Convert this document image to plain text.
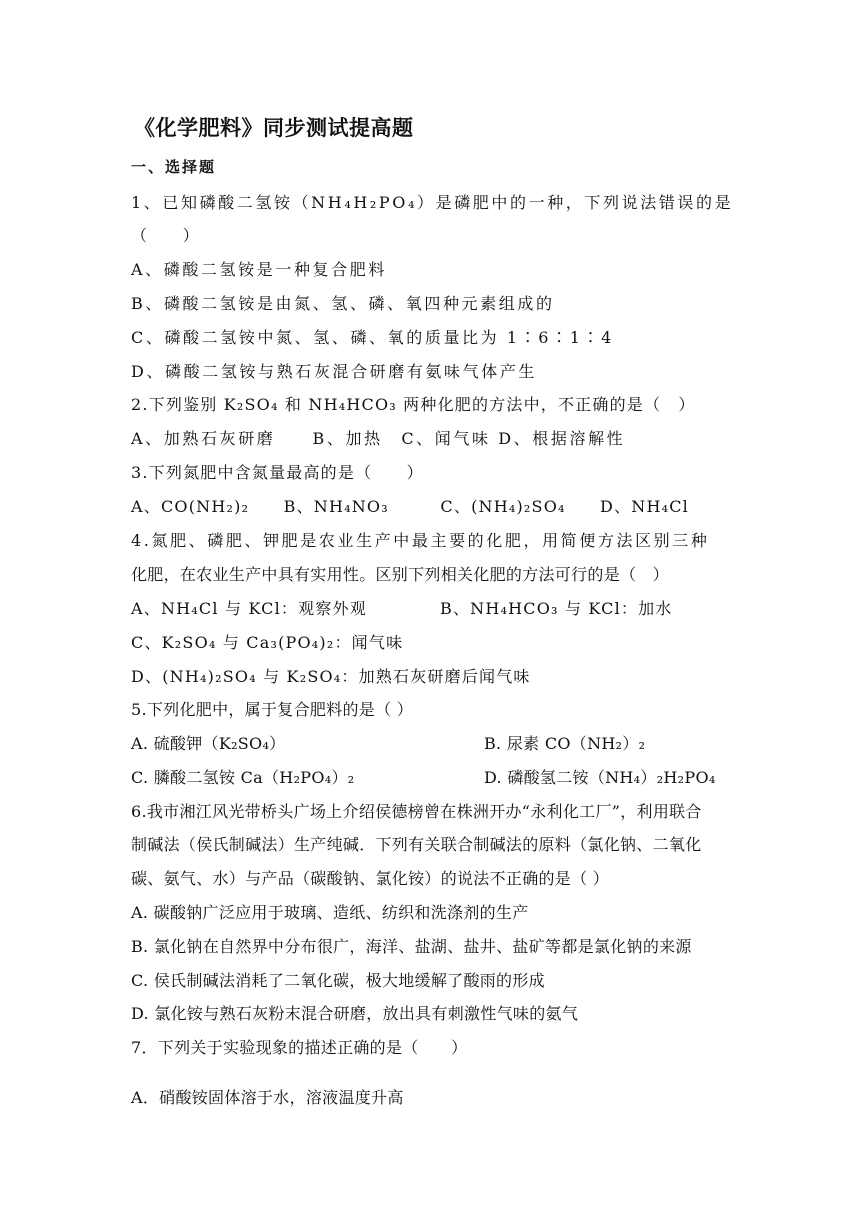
《化学肥料》同步测试提高题
一、选择题
1、已知磷酸二氢铵（NH₄H₂PO₄）是磷肥中的一种，下列说法错误的是
（　　）
A、磷酸二氢铵是一种复合肥料
B、磷酸二氢铵是由氮、氢、磷、氧四种元素组成的
C、磷酸二氢铵中氮、氢、磷、氧的质量比为 1∶6∶1∶4
D、磷酸二氢铵与熟石灰混合研磨有氨味气体产生
2.下列鉴别 K₂SO₄ 和 NH₄HCO₃ 两种化肥的方法中，不正确的是（　）
A、加熟石灰研磨　　B、加热　C、闻气味 D、根据溶解性
3.下列氮肥中含氮量最高的是（　　）
A、CO(NH₂)₂　　B、NH₄NO₃　　　C、(NH₄)₂SO₄　　D、NH₄Cl
4.氮肥、磷肥、钾肥是农业生产中最主要的化肥，用简便方法区别三种
化肥，在农业生产中具有实用性。区别下列相关化肥的方法可行的是（　）
A、NH₄Cl 与 KCl：观察外观	B、NH₄HCO₃ 与 KCl：加水
C、K₂SO₄ 与 Ca₃(PO₄)₂：闻气味
D、(NH₄)₂SO₄ 与 K₂SO₄：加熟石灰研磨后闻气味
5.下列化肥中，属于复合肥料的是（ ）
A. 硫酸钾（K₂SO₄）	B. 尿素 CO（NH₂）₂
C. 膦酸二氢铵 Ca（H₂PO₄）₂	D. 磷酸氢二铵（NH₄）₂H₂PO₄
6.我市湘江风光带桥头广场上介绍侯德榜曾在株洲开办“永利化工厂”，利用联合
制碱法（侯氏制碱法）生产纯碱．下列有关联合制碱法的原料（氯化钠、二氧化
碳、氨气、水）与产品（碳酸钠、氯化铵）的说法不正确的是（ ）
A. 碳酸钠广泛应用于玻璃、造纸、纺织和洗涤剂的生产
B. 氯化钠在自然界中分布很广，海洋、盐湖、盐井、盐矿等都是氯化钠的来源
C. 侯氏制碱法消耗了二氧化碳，极大地缓解了酸雨的形成
D. 氯化铵与熟石灰粉末混合研磨，放出具有刺激性气味的氨气
7．下列关于实验现象的描述正确的是（　　）
A．硝酸铵固体溶于水，溶液温度升高
